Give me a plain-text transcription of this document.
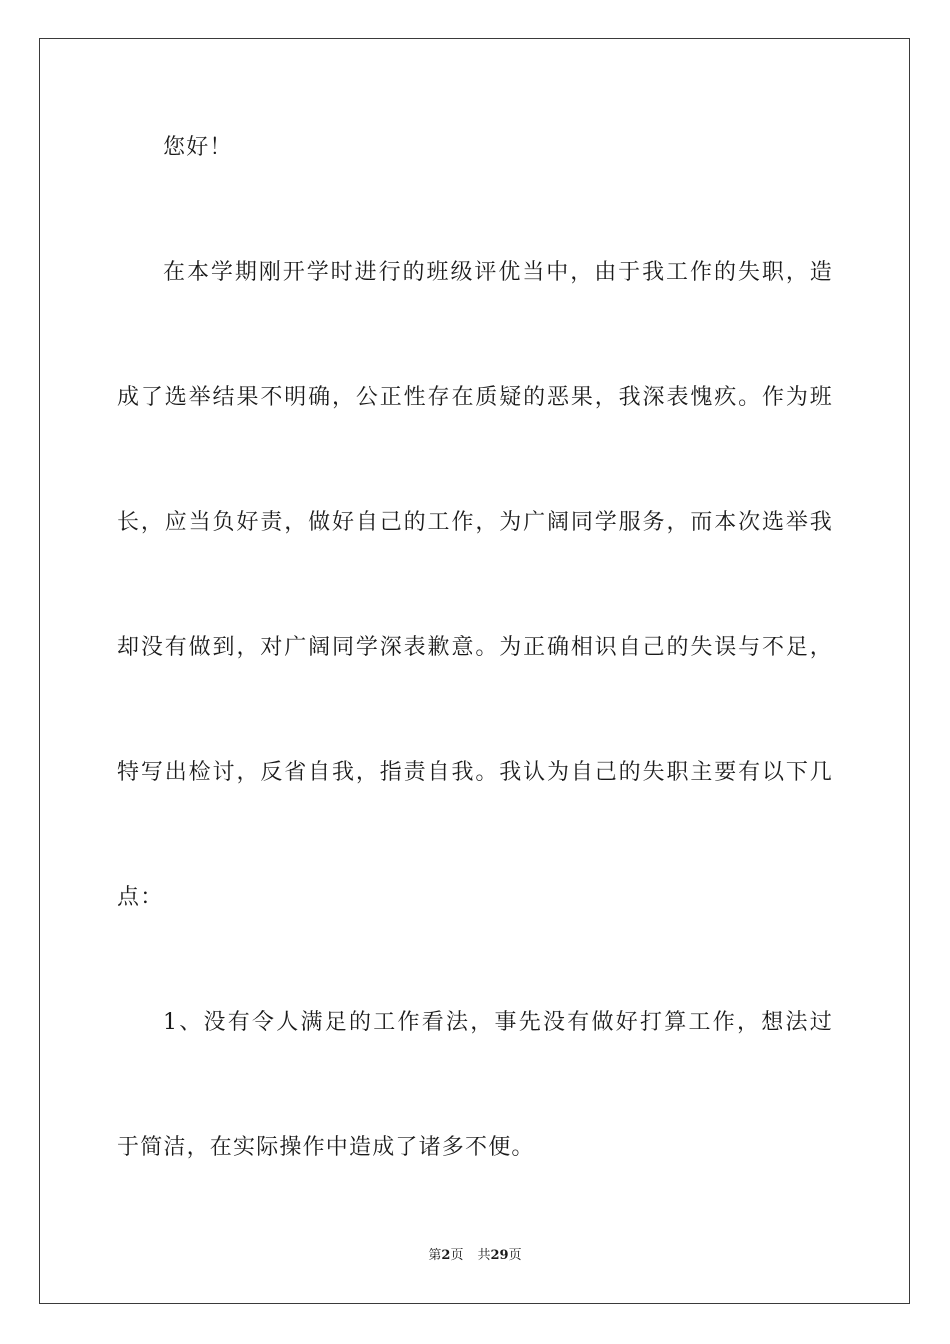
您好！
在本学期刚开学时进行的班级评优当中，由于我工作的失职，造
成了选举结果不明确，公正性存在质疑的恶果，我深表愧疚。作为班
长，应当负好责，做好自己的工作，为广阔同学服务，而本次选举我
却没有做到，对广阔同学深表歉意。为正确相识自己的失误与不足，
特写出检讨，反省自我，指责自我。我认为自己的失职主要有以下几
点：
1、没有令人满足的工作看法，事先没有做好打算工作，想法过
于简洁，在实际操作中造成了诸多不便。
第2页 共29页
